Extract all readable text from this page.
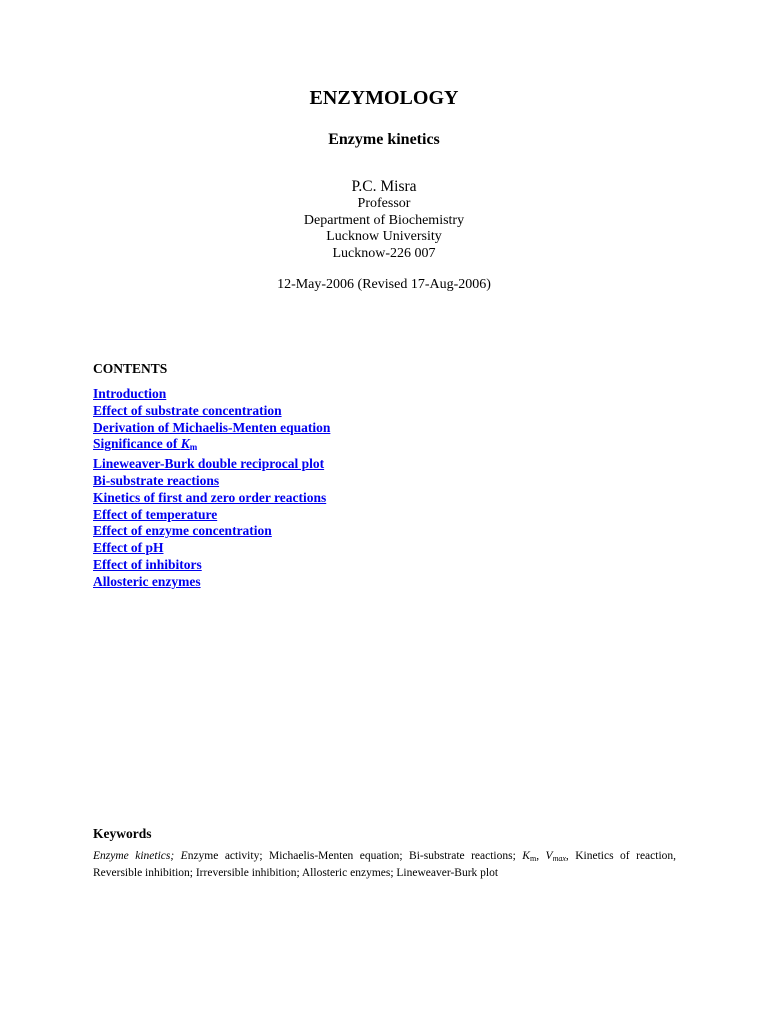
ENZYMOLOGY
Enzyme kinetics
P.C. Misra
Professor
Department of Biochemistry
Lucknow University
Lucknow-226 007

12-May-2006 (Revised 17-Aug-2006)

CONTENTS
Introduction
Effect of substrate concentration
Derivation of Michaelis-Menten equation
Significance of $K_m$
Lineweaver-Burk double reciprocal plot
Bi-substrate reactions
Kinetics of first and zero order reactions
Effect of temperature
Effect of enzyme concentration
Effect of pH
Effect of inhibitors
Allosteric enzymes
Keywords

Enzyme kinetics; Enzyme activity; Michaelis-Menten equation; Bi-substrate reactions; $K_m$, $V_{max}$, Kinetics of reaction, Reversible inhibition; Irreversible inhibition; Allosteric enzymes; Lineweaver-Burk plot
